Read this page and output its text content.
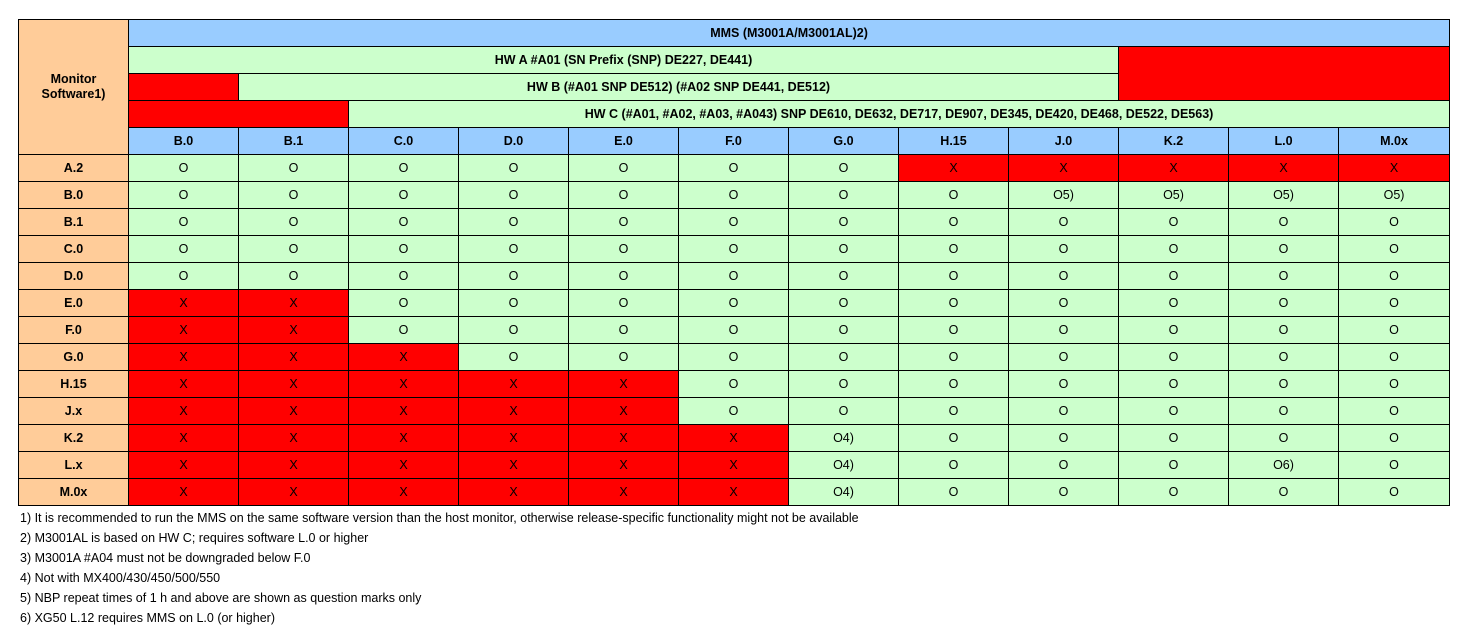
Monitor Software1)	MMS (M3001A/M3001AL)2)											
	HW A #A01 (SN Prefix (SNP) DE227, DE441)											
		HW B (#A01 SNP DE512) (#A02 SNP DE441, DE512)										
			HW C (#A01, #A02, #A03, #A043) SNP DE610, DE632, DE717, DE907, DE345, DE420, DE468, DE522, DE563)									
	B.0	B.1	C.0	D.0	E.0	F.0	G.0	H.15	J.0	K.2	L.0	M.0x
A.2	O	O	O	O	O	O	O	X	X	X	X	X
B.0	O	O	O	O	O	O	O	O	O5)	O5)	O5)	O5)
B.1	O	O	O	O	O	O	O	O	O	O	O	O
C.0	O	O	O	O	O	O	O	O	O	O	O	O
D.0	O	O	O	O	O	O	O	O	O	O	O	O
E.0	X	X	O	O	O	O	O	O	O	O	O	O
F.0	X	X	O	O	O	O	O	O	O	O	O	O
G.0	X	X	X	O	O	O	O	O	O	O	O	O
H.15	X	X	X	X	X	O	O	O	O	O	O	O
J.x	X	X	X	X	X	O	O	O	O	O	O	O
K.2	X	X	X	X	X	X	O4)	O	O	O	O	O
L.x	X	X	X	X	X	X	O4)	O	O	O	O6)	O
M.0x	X	X	X	X	X	X	O4)	O	O	O	O	O
1) It is recommended to run the MMS on the same software version than the host monitor, otherwise release-specific functionality might not be available
2) M3001AL is based on HW C; requires software L.0 or higher
3) M3001A #A04 must not be downgraded below F.0
4) Not with MX400/430/450/500/550
5) NBP repeat times of 1 h and above are shown as question marks only
6) XG50 L.12 requires MMS on L.0 (or higher)
